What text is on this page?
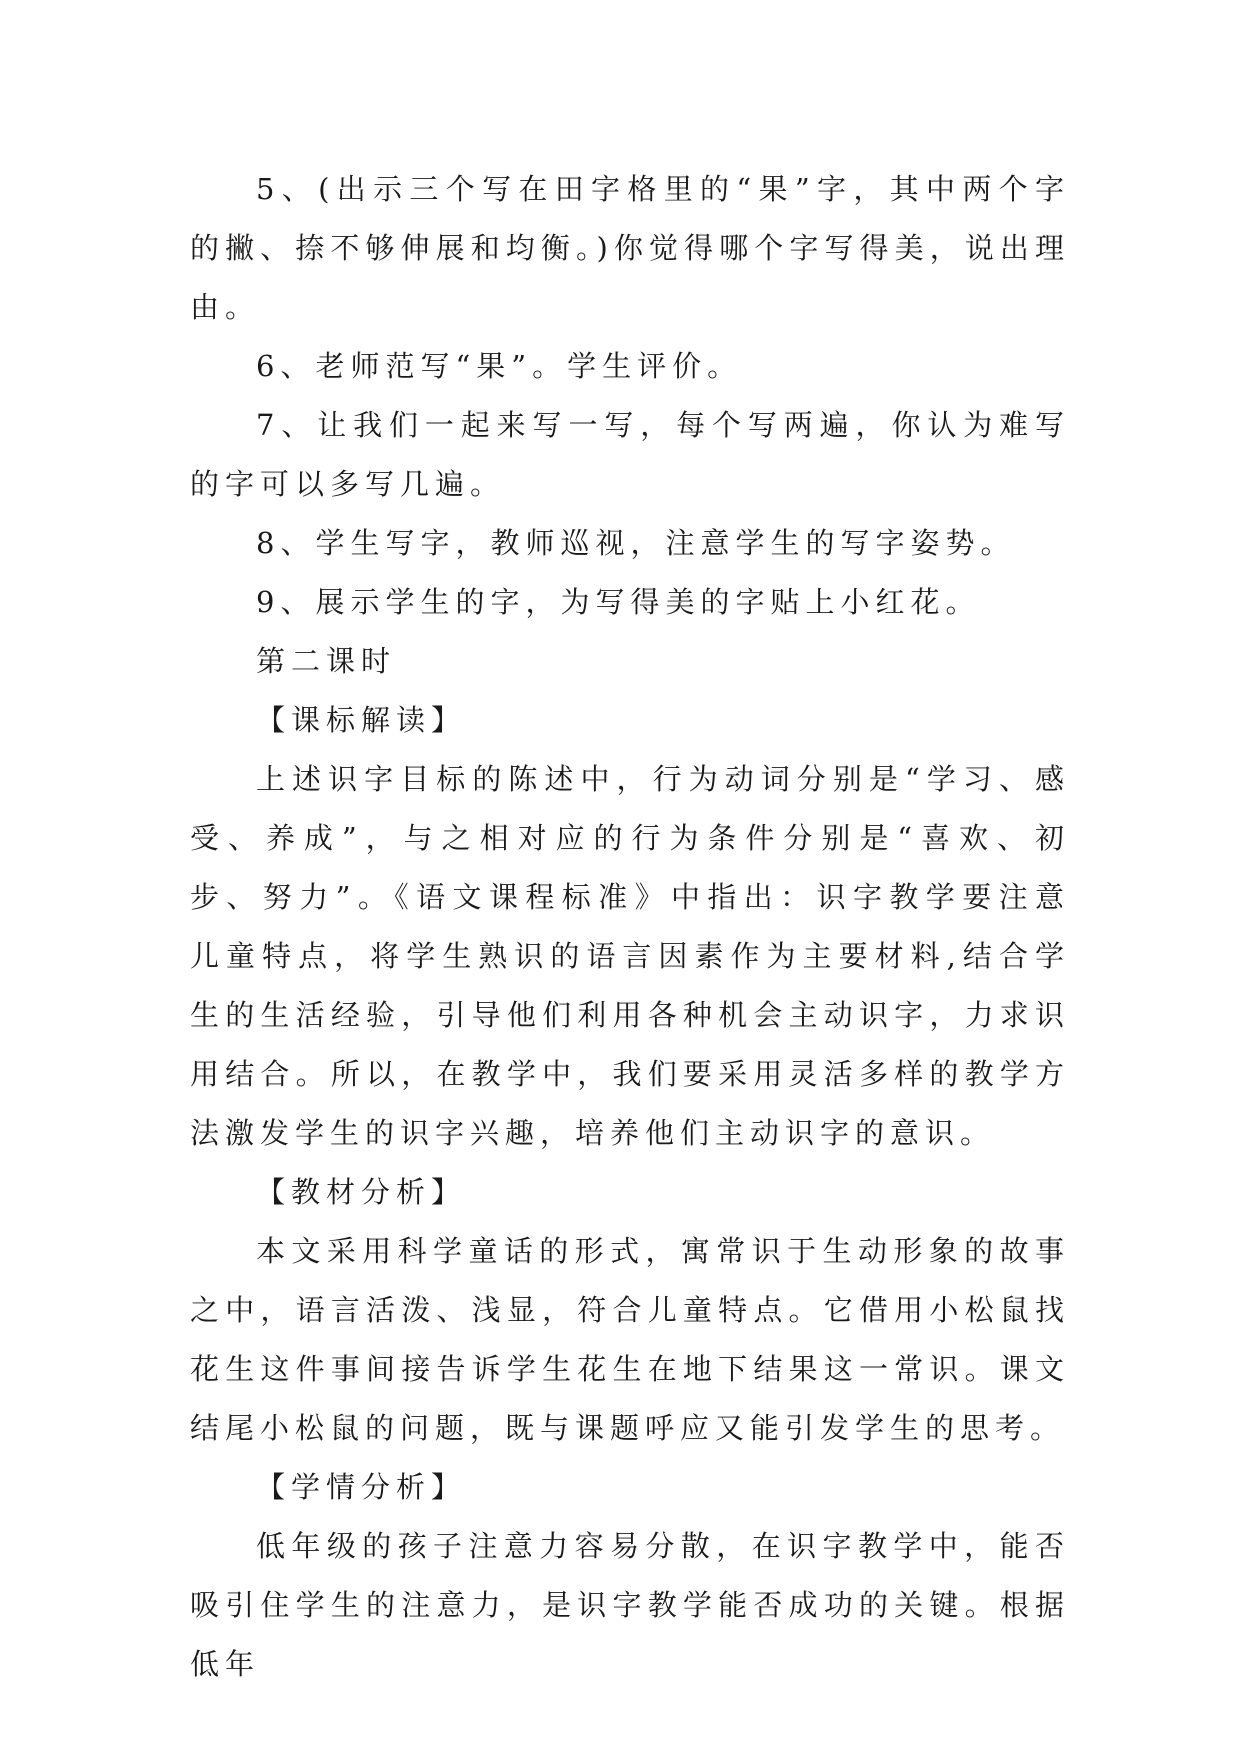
5、(出示三个写在田字格里的“果”字，其中两个字的撇、捺不够伸展和均衡。)你觉得哪个字写得美，说出理由。

6、老师范写“果”。学生评价。

7、让我们一起来写一写，每个写两遍，你认为难写的字可以多写几遍。

8、学生写字，教师巡视，注意学生的写字姿势。

9、展示学生的字，为写得美的字贴上小红花。

第二课时

【课标解读】

上述识字目标的陈述中，行为动词分别是“学习、感受、养成”，与之相对应的行为条件分别是“喜欢、初步、努力”。《语文课程标准》中指出：识字教学要注意儿童特点，将学生熟识的语言因素作为主要材料,结合学生的生活经验，引导他们利用各种机会主动识字，力求识用结合。所以，在教学中，我们要采用灵活多样的教学方法激发学生的识字兴趣，培养他们主动识字的意识。

【教材分析】

本文采用科学童话的形式，寓常识于生动形象的故事之中，语言活泼、浅显，符合儿童特点。它借用小松鼠找花生这件事间接告诉学生花生在地下结果这一常识。课文结尾小松鼠的问题，既与课题呼应又能引发学生的思考。

【学情分析】

低年级的孩子注意力容易分散，在识字教学中，能否吸引住学生的注意力，是识字教学能否成功的关键。根据低年
